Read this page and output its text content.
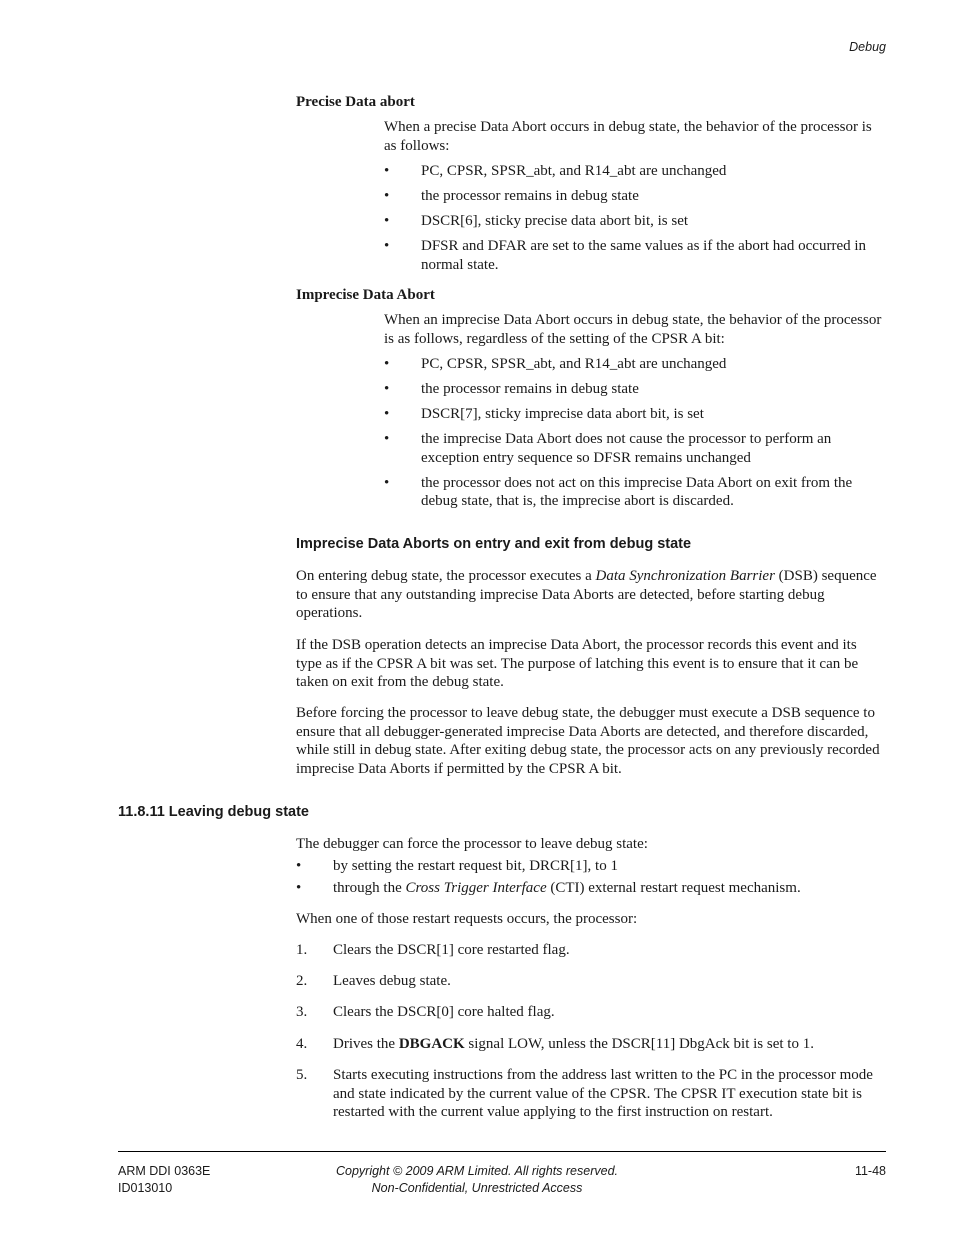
Debug
Precise Data abort
When a precise Data Abort occurs in debug state, the behavior of the processor is as follows:
• PC, CPSR, SPSR_abt, and R14_abt are unchanged
• the processor remains in debug state
• DSCR[6], sticky precise data abort bit, is set
• DFSR and DFAR are set to the same values as if the abort had occurred in normal state.
Imprecise Data Abort
When an imprecise Data Abort occurs in debug state, the behavior of the processor is as follows, regardless of the setting of the CPSR A bit:
• PC, CPSR, SPSR_abt, and R14_abt are unchanged
• the processor remains in debug state
• DSCR[7], sticky imprecise data abort bit, is set
• the imprecise Data Abort does not cause the processor to perform an exception entry sequence so DFSR remains unchanged
• the processor does not act on this imprecise Data Abort on exit from the debug state, that is, the imprecise abort is discarded.
Imprecise Data Aborts on entry and exit from debug state
On entering debug state, the processor executes a Data Synchronization Barrier (DSB) sequence to ensure that any outstanding imprecise Data Aborts are detected, before starting debug operations.
If the DSB operation detects an imprecise Data Abort, the processor records this event and its type as if the CPSR A bit was set. The purpose of latching this event is to ensure that it can be taken on exit from the debug state.
Before forcing the processor to leave debug state, the debugger must execute a DSB sequence to ensure that all debugger-generated imprecise Data Aborts are detected, and therefore discarded, while still in debug state. After exiting debug state, the processor acts on any previously recorded imprecise Data Aborts if permitted by the CPSR A bit.
11.8.11 Leaving debug state
The debugger can force the processor to leave debug state:
• by setting the restart request bit, DRCR[1], to 1
• through the Cross Trigger Interface (CTI) external restart request mechanism.
When one of those restart requests occurs, the processor:
1. Clears the DSCR[1] core restarted flag.
2. Leaves debug state.
3. Clears the DSCR[0] core halted flag.
4. Drives the DBGACK signal LOW, unless the DSCR[11] DbgAck bit is set to 1.
5. Starts executing instructions from the address last written to the PC in the processor mode and state indicated by the current value of the CPSR. The CPSR IT execution state bit is restarted with the current value applying to the first instruction on restart.
ARM DDI 0363E
ID013010
Copyright © 2009 ARM Limited. All rights reserved.
Non-Confidential, Unrestricted Access
11-48
